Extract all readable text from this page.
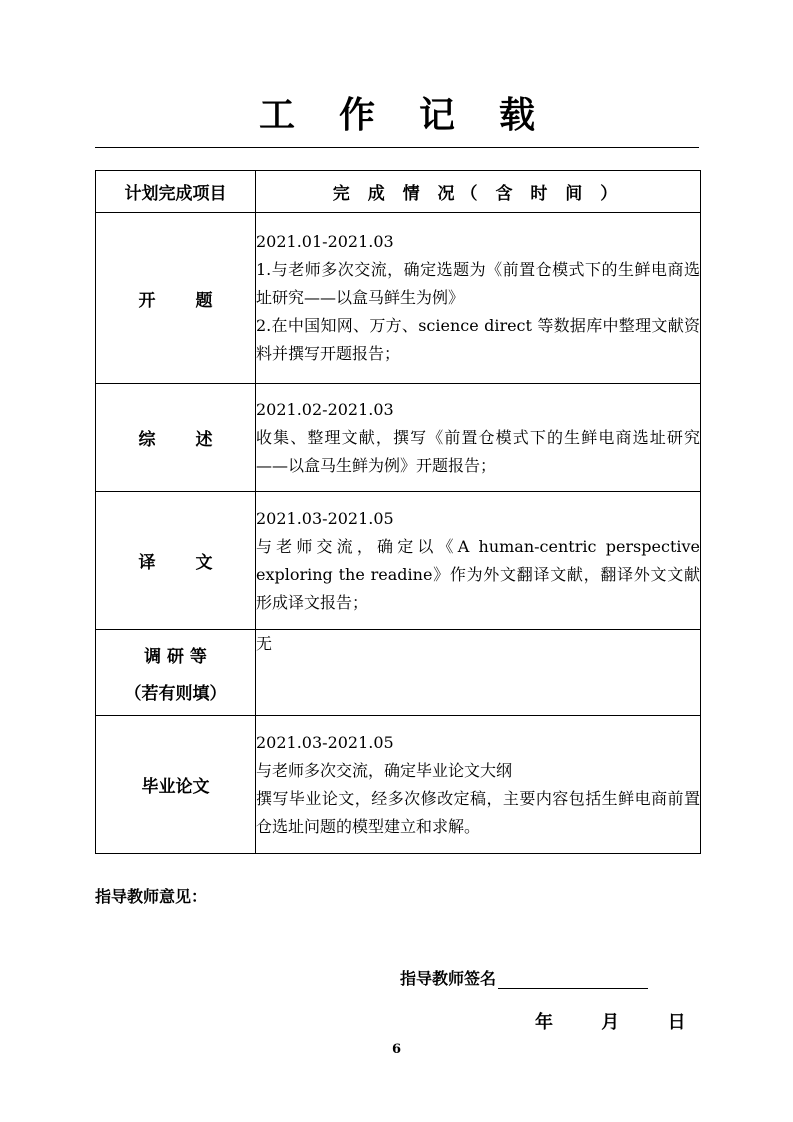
工 作 记 载
计划完成项目	完 成 情 况（ 含 时 间 ）
开题	2021.01-2021.03
1.与老师多次交流，确定选题为《前置仓模式下的生鲜电商选址研究——以盒马鲜生为例》
2.在中国知网、万方、science direct 等数据库中整理文献资料并撰写开题报告；

综述	2021.02-2021.03
收集、整理文献，撰写《前置仓模式下的生鲜电商选址研究——以盒马生鲜为例》开题报告；

译文	2021.03-2021.05
与老师交流，确定以《A human-centric perspective exploring the readine》作为外文翻译文献，翻译外文文献形成译文报告；

调 研 等
（若有则填）	无

毕业论文	2021.03-2021.05
与老师多次交流，确定毕业论文大纲
撰写毕业论文，经多次修改定稿，主要内容包括生鲜电商前置仓选址问题的模型建立和求解。
指导教师意见：
指导教师签名
年	月	日
6
